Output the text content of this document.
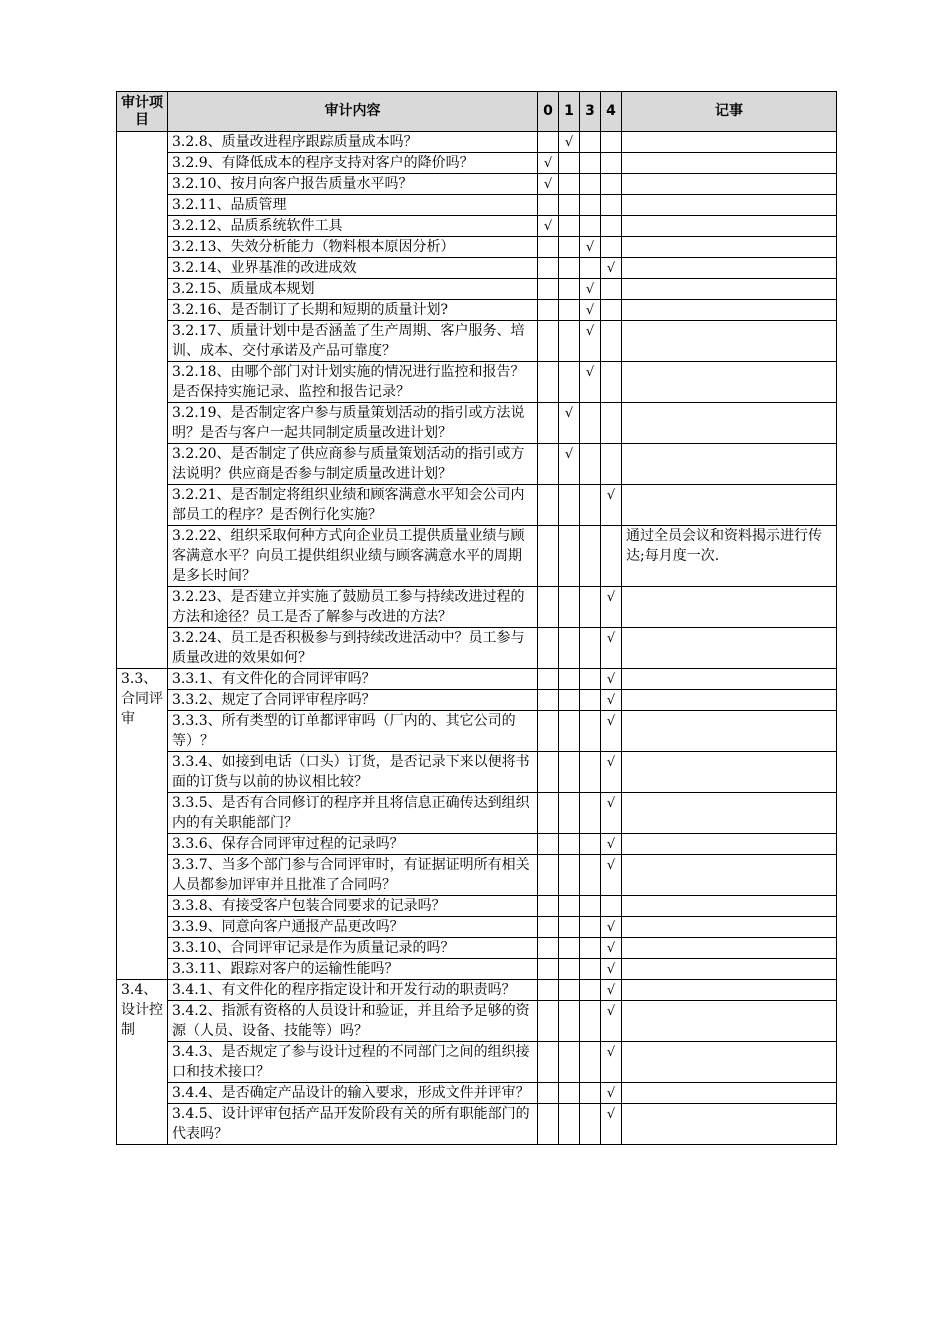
审计项目	审计内容	0	1	3	4	记事
	3.2.8、质量改进程序跟踪质量成本吗？		√			

	3.2.9、有降低成本的程序支持对客户的降价吗？	√				

	3.2.10、按月向客户报告质量水平吗？	√				

	3.2.11、品质管理					
	3.2.12、品质系统软件工具	√				

	3.2.13、失效分析能力（物料根本原因分析）			√		

	3.2.14、业界基准的改进成效				√	

	3.2.15、质量成本规划			√		

	3.2.16、是否制订了长期和短期的质量计划?			√		

	3.2.17、质量计划中是否涵盖了生产周期、客户服务、培训、成本、交付承诺及产品可靠度？			√		

	3.2.18、由哪个部门对计划实施的情况进行监控和报告？是否保持实施记录、监控和报告记录？			√		

	3.2.19、是否制定客户参与质量策划活动的指引或方法说明？是否与客户一起共同制定质量改进计划？		√			

	3.2.20、是否制定了供应商参与质量策划活动的指引或方法说明？供应商是否参与制定质量改进计划？		√			

	3.2.21、是否制定将组织业绩和顾客满意水平知会公司内部员工的程序？是否例行化实施？				√	

	3.2.22、组织采取何种方式向企业员工提供质量业绩与顾客满意水平？向员工提供组织业绩与顾客满意水平的周期是多长时间？					通过全员会议和资料揭示进行传达;每月度一次.
	3.2.23、是否建立并实施了鼓励员工参与持续改进过程的方法和途径？员工是否了解参与改进的方法？				√	

	3.2.24、员工是否积极参与到持续改进活动中？员工参与质量改进的效果如何？				√	

3.3、合同评审	3.3.1、有文件化的合同评审吗？				√	

	3.3.2、规定了合同评审程序吗？				√	

	3.3.3、所有类型的订单都评审吗（厂内的、其它公司的等）？				√	

	3.3.4、如接到电话（口头）订货，是否记录下来以便将书面的订货与以前的协议相比较？				√	

	3.3.5、是否有合同修订的程序并且将信息正确传达到组织内的有关职能部门？				√	

	3.3.6、保存合同评审过程的记录吗？				√	

	3.3.7、当多个部门参与合同评审时，有证据证明所有相关人员都参加评审并且批准了合同吗？				√	

	3.3.8、有接受客户包装合同要求的记录吗？					
	3.3.9、同意向客户通报产品更改吗？				√	

	3.3.10、合同评审记录是作为质量记录的吗？				√	

	3.3.11、跟踪对客户的运输性能吗？				√	

3.4、设计控制	3.4.1、有文件化的程序指定设计和开发行动的职责吗？				√	

	3.4.2、指派有资格的人员设计和验证，并且给予足够的资源（人员、设备、技能等）吗？				√	

	3.4.3、是否规定了参与设计过程的不同部门之间的组织接口和技术接口？				√	

	3.4.4、是否确定产品设计的输入要求，形成文件并评审？				√	

	3.4.5、设计评审包括产品开发阶段有关的所有职能部门的代表吗？				√	
